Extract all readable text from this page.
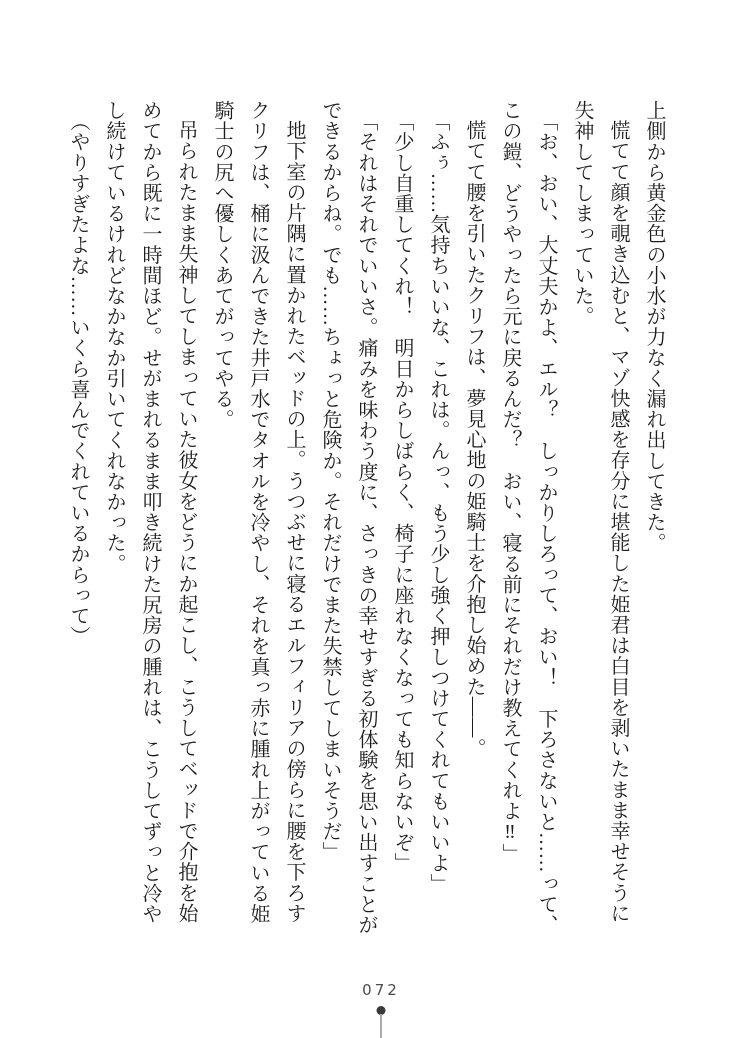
上側から黄金色の小水が力なく漏れ出してきた。
慌てて顔を覗き込むと、マゾ快感を存分に堪能した姫君は白目を剥いたまま幸せそうに
失神してしまっていた。
「お、おい、大丈夫かよ、エル？　しっかりしろって、おい！　下ろさないと……って、
この鎧、どうやったら元に戻るんだ？　おい、寝る前にそれだけ教えてくれよ‼」
慌てて腰を引いたクリフは、夢見心地の姫騎士を介抱し始めた――。
「ふぅ……気持ちいいな、これは。んっ、もう少し強く押しつけてくれてもいいよ」
「少し自重してくれ！　明日からしばらく、椅子に座れなくなっても知らないぞ」
「それはそれでいいさ。痛みを味わう度に、さっきの幸せすぎる初体験を思い出すことが
できるからね。でも……ちょっと危険か。それだけでまた失禁してしまいそうだ」
地下室の片隅に置かれたベッドの上。うつぶせに寝るエルフィリアの傍らに腰を下ろす
クリフは、桶に汲んできた井戸水でタオルを冷やし、それを真っ赤に腫れ上がっている姫
騎士の尻へ優しくあてがってやる。
吊られたまま失神してしまっていた彼女をどうにか起こし、こうしてベッドで介抱を始
めてから既に一時間ほど。せがまれるまま叩き続けた尻房の腫れは、こうしてずっと冷や
し続けているけれどなかなか引いてくれなかった。
（やりすぎたよな……いくら喜んでくれているからって）
072
